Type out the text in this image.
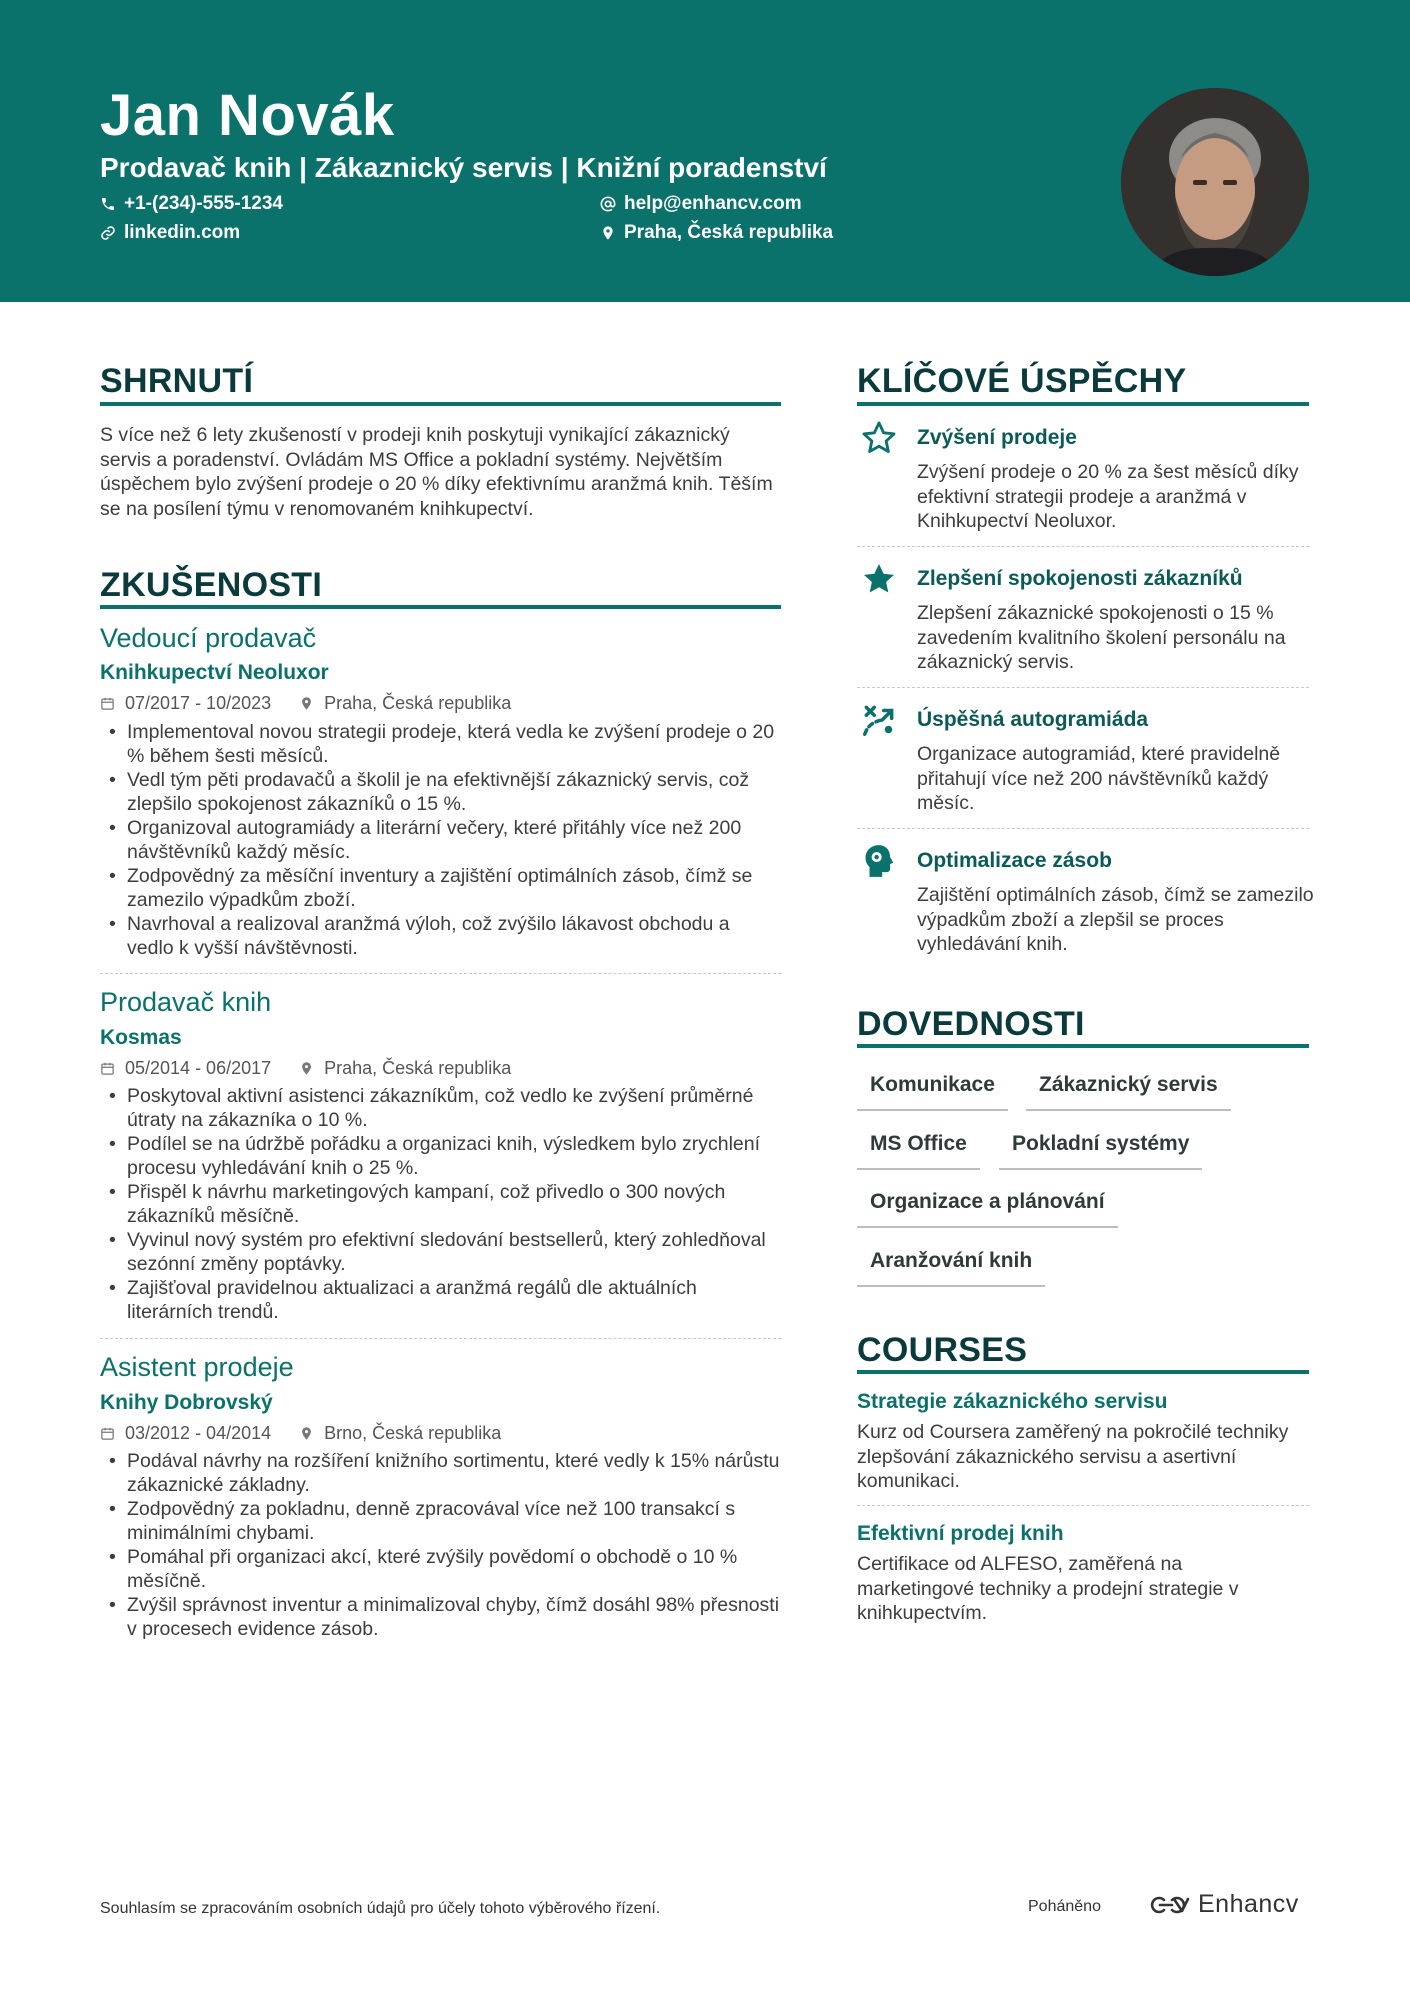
Jan Novák
Prodavač knih | Zákaznický servis | Knižní poradenství
+1-(234)-555-1234	help@enhancv.com
linkedin.com	Praha, Česká republika
SHRNUTÍ
S více než 6 lety zkušeností v prodeji knih poskytuji vynikající zákaznický servis a poradenství. Ovládám MS Office a pokladní systémy. Největším úspěchem bylo zvýšení prodeje o 20 % díky efektivnímu aranžmá knih. Těším se na posílení týmu v renomovaném knihkupectví.
ZKUŠENOSTI
Vedoucí prodavač
Knihkupectví Neoluxor
07/2017 - 10/2023	Praha, Česká republika
• Implementoval novou strategii prodeje, která vedla ke zvýšení prodeje o 20 % během šesti měsíců.
• Vedl tým pěti prodavačů a školil je na efektivnější zákaznický servis, což zlepšilo spokojenost zákazníků o 15 %.
• Organizoval autogramiády a literární večery, které přitáhly více než 200 návštěvníků každý měsíc.
• Zodpovědný za měsíční inventury a zajištění optimálních zásob, čímž se zamezilo výpadkům zboží.
• Navrhoval a realizoval aranžmá výloh, což zvýšilo lákavost obchodu a vedlo k vyšší návštěvnosti.
Prodavač knih
Kosmas
05/2014 - 06/2017	Praha, Česká republika
• Poskytoval aktivní asistenci zákazníkům, což vedlo ke zvýšení průměrné útraty na zákazníka o 10 %.
• Podílel se na údržbě pořádku a organizaci knih, výsledkem bylo zrychlení procesu vyhledávání knih o 25 %.
• Přispěl k návrhu marketingových kampaní, což přivedlo o 300 nových zákazníků měsíčně.
• Vyvinul nový systém pro efektivní sledování bestsellerů, který zohledňoval sezónní změny poptávky.
• Zajišťoval pravidelnou aktualizaci a aranžmá regálů dle aktuálních literárních trendů.
Asistent prodeje
Knihy Dobrovský
03/2012 - 04/2014	Brno, Česká republika
• Podával návrhy na rozšíření knižního sortimentu, které vedly k 15% nárůstu zákaznické základny.
• Zodpovědný za pokladnu, denně zpracovával více než 100 transakcí s minimálními chybami.
• Pomáhal při organizaci akcí, které zvýšily povědomí o obchodě o 10 % měsíčně.
• Zvýšil správnost inventur a minimalizoval chyby, čímž dosáhl 98% přesnosti v procesech evidence zásob.
KLÍČOVÉ ÚSPĚCHY
Zvýšení prodeje
Zvýšení prodeje o 20 % za šest měsíců díky efektivní strategii prodeje a aranžmá v Knihkupectví Neoluxor.
Zlepšení spokojenosti zákazníků
Zlepšení zákaznické spokojenosti o 15 % zavedením kvalitního školení personálu na zákaznický servis.
Úspěšná autogramiáda
Organizace autogramiád, které pravidelně přitahují více než 200 návštěvníků každý měsíc.
Optimalizace zásob
Zajištění optimálních zásob, čímž se zamezilo výpadkům zboží a zlepšil se proces vyhledávání knih.
DOVEDNOSTI
Komunikace	Zákaznický servis
MS Office	Pokladní systémy
Organizace a plánování
Aranžování knih
COURSES
Strategie zákaznického servisu
Kurz od Coursera zaměřený na pokročilé techniky zlepšování zákaznického servisu a asertivní komunikaci.
Efektivní prodej knih
Certifikace od ALFESO, zaměřená na marketingové techniky a prodejní strategie v knihkupectvím.
Souhlasím se zpracováním osobních údajů pro účely tohoto výběrového řízení.	Poháněno	Enhancv
